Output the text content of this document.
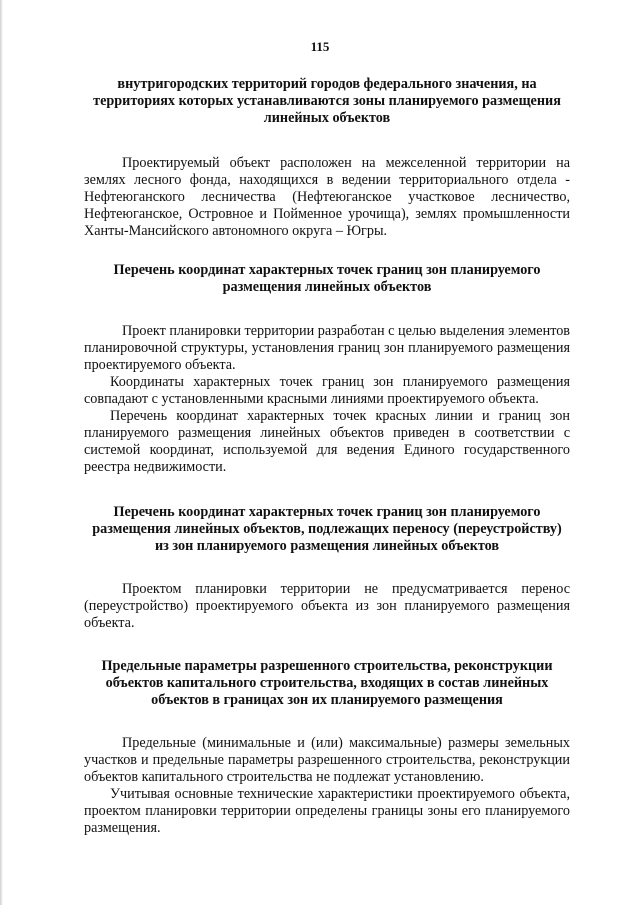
115

внутригородских территорий городов федерального значения, на территориях которых устанавливаются зоны планируемого размещения линейных объектов

Проектируемый объект расположен на межселенной территории на землях лесного фонда, находящихся в ведении территориального отдела - Нефтеюганского лесничества (Нефтеюганское участковое лесничество, Нефтеюганское, Островное и Пойменное урочища), землях промышленности Ханты-Мансийского автономного округа – Югры.

Перечень координат характерных точек границ зон планируемого размещения линейных объектов

Проект планировки территории разработан с целью выделения элементов планировочной структуры, установления границ зон планируемого размещения проектируемого объекта.

Координаты характерных точек границ зон планируемого размещения совпадают с установленными красными линиями проектируемого объекта.

Перечень координат характерных точек красных линии и границ зон планируемого размещения линейных объектов приведен в соответствии с системой координат, используемой для ведения Единого государственного реестра недвижимости.

Перечень координат характерных точек границ зон планируемого размещения линейных объектов, подлежащих переносу (переустройству) из зон планируемого размещения линейных объектов

Проектом планировки территории не предусматривается перенос (переустройство) проектируемого объекта из зон планируемого размещения объекта.

Предельные параметры разрешенного строительства, реконструкции объектов капитального строительства, входящих в состав линейных объектов в границах зон их планируемого размещения

Предельные (минимальные и (или) максимальные) размеры земельных участков и предельные параметры разрешенного строительства, реконструкции объектов капитального строительства не подлежат установлению.

Учитывая основные технические характеристики проектируемого объекта, проектом планировки территории определены границы зоны его планируемого размещения.
